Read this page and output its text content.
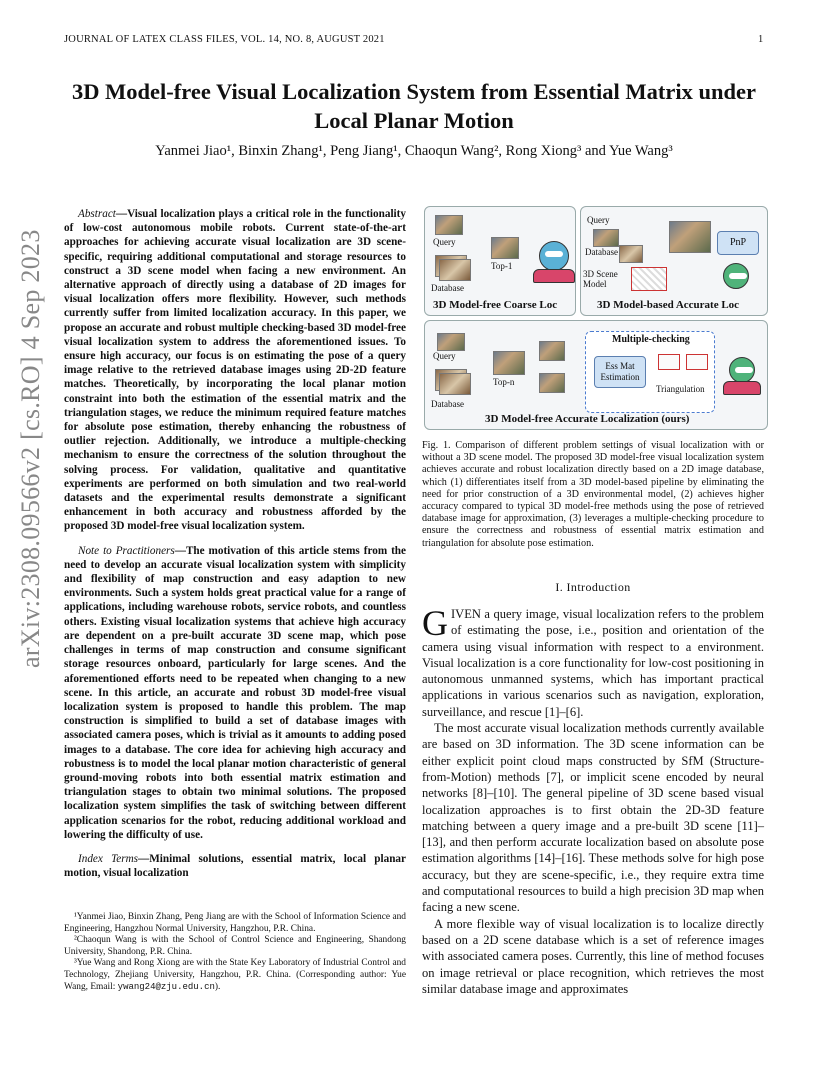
JOURNAL OF LATEX CLASS FILES, VOL. 14, NO. 8, AUGUST 2021	1
arXiv:2308.09566v2 [cs.RO] 4 Sep 2023
3D Model-free Visual Localization System from Essential Matrix under Local Planar Motion
Yanmei Jiao¹, Binxin Zhang¹, Peng Jiang¹, Chaoqun Wang², Rong Xiong³ and Yue Wang³

Abstract—Visual localization plays a critical role in the functionality of low-cost autonomous mobile robots. Current state-of-the-art approaches for achieving accurate visual localization are 3D scene-specific, requiring additional computational and storage resources to construct a 3D scene model when facing a new environment. An alternative approach of directly using a database of 2D images for visual localization offers more flexibility. However, such methods currently suffer from limited localization accuracy. In this paper, we propose an accurate and robust multiple checking-based 3D model-free visual localization system to address the aforementioned issues. To ensure high accuracy, our focus is on estimating the pose of a query image relative to the retrieved database images using 2D-2D feature matches. Theoretically, by incorporating the local planar motion constraint into both the estimation of the essential matrix and the triangulation stages, we reduce the minimum required feature matches for absolute pose estimation, thereby enhancing the robustness of outlier rejection. Additionally, we introduce a multiple-checking mechanism to ensure the correctness of the solution throughout the solving process. For validation, qualitative and quantitative experiments are performed on both simulation and two real-world datasets and the experimental results demonstrate a significant enhancement in both accuracy and robustness afforded by the proposed 3D model-free visual localization system.

Note to Practitioners—The motivation of this article stems from the need to develop an accurate visual localization system with simplicity and flexibility of map construction and easy adaption to new environments. Such a system holds great practical value for a range of applications, including warehouse robots, service robots, and countless others. Existing visual localization systems that achieve high accuracy are dependent on a pre-built accurate 3D scene map, which pose challenges in terms of map construction and consume significant storage resources onboard, particularly for large scenes. And the aforementioned efforts need to be repeated when changing to a new scene. In this article, an accurate and robust 3D model-free visual localization system is proposed to handle this problem. The map construction is simplified to build a set of database images with associated camera poses, which is trivial as it amounts to adding posed images to a database. The core idea for achieving high accuracy and robustness is to model the local planar motion characteristic of general ground-moving robots into both essential matrix estimation and triangulation stages to obtain two minimal solutions. The proposed localization system simplifies the task of switching between different application scenarios for the robot, reducing additional workload and lowering the difficulty of use.

Index Terms—Minimal solutions, essential matrix, local planar motion, visual localization

¹Yanmei Jiao, Binxin Zhang, Peng Jiang are with the School of Information Science and Engineering, Hangzhou Normal University, Hangzhou, P.R. China.

²Chaoqun Wang is with the School of Control Science and Engineering, Shandong University, Shandong, P.R. China.

³Yue Wang and Rong Xiong are with the State Key Laboratory of Industrial Control and Technology, Zhejiang University, Hangzhou, P.R. China. (Corresponding author: Yue Wang, Email: ywang24@zju.edu.cn).

Query
Database
Top-1
3D Model-free Coarse Loc
Query
Database
3D Scene Model
PnP
3D Model-based Accurate Loc
Query
Database
Top-n
Multiple-checking
Ess Mat Estimation
Triangulation
3D Model-free Accurate Localization (ours)
Fig. 1. Comparison of different problem settings of visual localization with or without a 3D scene model. The proposed 3D model-free visual localization system achieves accurate and robust localization directly based on a 2D image database, which (1) differentiates itself from a 3D model-based pipeline by eliminating the need for prior construction of a 3D environmental model, (2) achieves higher accuracy compared to typical 3D model-free methods using the pose of retrieved database image for approximation, (3) leverages a multiple-checking procedure to ensure the correctness and robustness of essential matrix estimation and triangulation for absolute pose estimation.
I. Introduction

GIVEN a query image, visual localization refers to the problem of estimating the pose, i.e., position and orientation of the camera using visual information with respect to a environment. Visual localization is a core functionality for low-cost positioning in autonomous unmanned systems, which has important practical applications in various scenarios such as navigation, exploration, surveillance, and rescue [1]–[6].

The most accurate visual localization methods currently available are based on 3D information. The 3D scene information can be either explicit point cloud maps constructed by SfM (Structure-from-Motion) methods [7], or implicit scene encoded by neural networks [8]–[10]. The general pipeline of 3D scene based visual localization approaches is to first obtain the 2D-3D feature matching between a query image and a pre-built 3D scene [11]–[13], and then perform accurate localization based on absolute pose estimation algorithms [14]–[16]. These methods solve for high pose accuracy, but they are scene-specific, i.e., they require extra time and computational resources to build a high precision 3D map when facing a new scene.

A more flexible way of visual localization is to localize directly based on a 2D scene database which is a set of reference images with associated camera poses. Currently, this line of method focuses on image retrieval or place recognition, which retrieves the most similar database image and approximates
